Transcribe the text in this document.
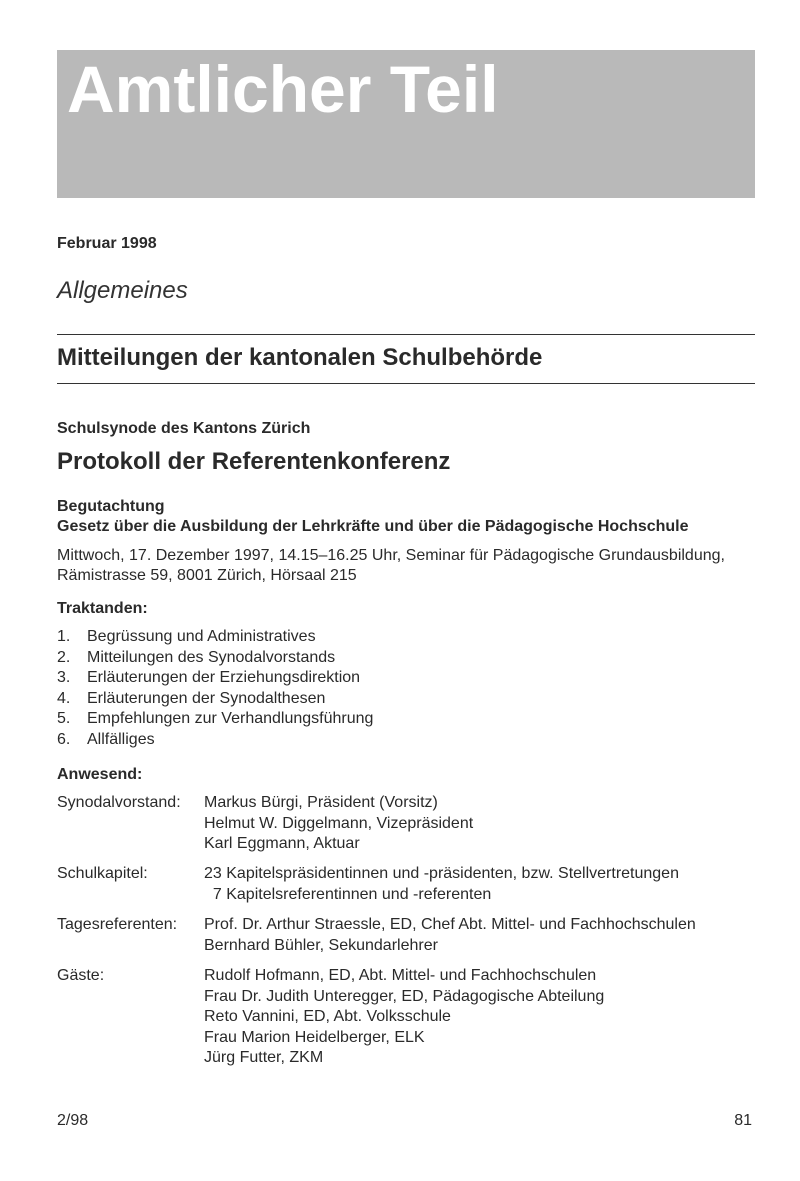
Amtlicher Teil
Februar 1998
Allgemeines
Mitteilungen der kantonalen Schulbehörde
Schulsynode des Kantons Zürich
Protokoll der Referentenkonferenz
Begutachtung
Gesetz über die Ausbildung der Lehrkräfte und über die Pädagogische Hochschule
Mittwoch, 17. Dezember 1997, 14.15–16.25 Uhr, Seminar für Pädagogische Grundausbildung,
Rämistrasse 59, 8001 Zürich, Hörsaal 215
Traktanden:
1.	Begrüssung und Administratives
2.	Mitteilungen des Synodalvorstands
3.	Erläuterungen der Erziehungsdirektion
4.	Erläuterungen der Synodalthesen
5.	Empfehlungen zur Verhandlungsführung
6.	Allfälliges
Anwesend:
Synodalvorstand:	Markus Bürgi, Präsident (Vorsitz)
Helmut W. Diggelmann, Vizepräsident
Karl Eggmann, Aktuar
Schulkapitel:	23 Kapitelspräsidentinnen und -präsidenten, bzw. Stellvertretungen
7 Kapitelsreferentinnen und -referenten
Tagesreferenten:	Prof. Dr. Arthur Straessle, ED, Chef Abt. Mittel- und Fachhochschulen
Bernhard Bühler, Sekundarlehrer
Gäste:	Rudolf Hofmann, ED, Abt. Mittel- und Fachhochschulen
Frau Dr. Judith Unteregger, ED, Pädagogische Abteilung
Reto Vannini, ED, Abt. Volksschule
Frau Marion Heidelberger, ELK
Jürg Futter, ZKM
2/98	81
